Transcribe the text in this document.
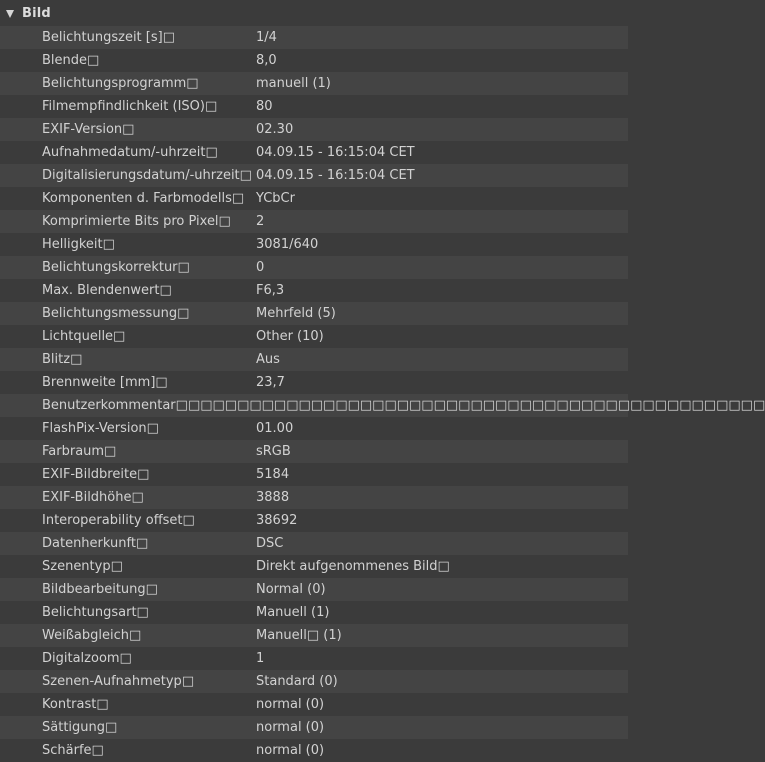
Bild
Belichtungszeit [s]□	1/4
Blende□	8,0
Belichtungsprogramm□	manuell (1)
Filmempfindlichkeit (ISO)□	80
EXIF-Version□	02.30
Aufnahmedatum/-uhrzeit□	04.09.15 - 16:15:04 CET
Digitalisierungsdatum/-uhrzeit□ 04.09.15 - 16:15:04 CET
Komponenten d. Farbmodells□ YCbCr
Komprimierte Bits pro Pixel□	2
Helligkeit□	3081/640
Belichtungskorrektur□	0
Max. Blendenwert□	F6,3
Belichtungsmessung□	Mehrfeld (5)
Lichtquelle□	Other (10)
Blitz□	Aus
Brennweite [mm]□	23,7
Benutzerkommentar□ □□□□□□□□□□□□□□□□□□□□□□□□□□□□□□□□□□□□□□□□□□□□□□□
FlashPix-Version□	01.00
Farbraum□	sRGB
EXIF-Bildbreite□	5184
EXIF-Bildhöhe□	3888
Interoperability offset□	38692
Datenherkunft□	DSC
Szenentyp□	Direkt aufgenommenes Bild□
Bildbearbeitung□	Normal (0)
Belichtungsart□	Manuell (1)
Weißabgleich□	Manuell□ (1)
Digitalzoom□	1
Szenen-Aufnahmetyp□	Standard (0)
Kontrast□	normal (0)
Sättigung□	normal (0)
Schärfe□	normal (0)
